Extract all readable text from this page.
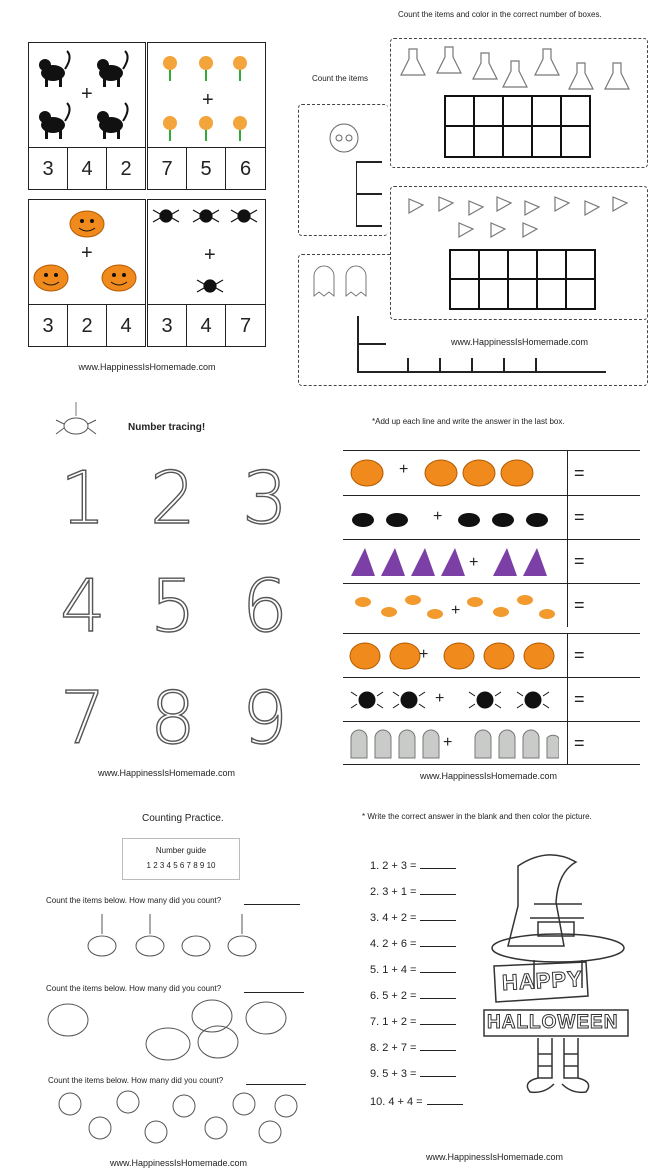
+
3	4	2
+
7	5	6
+
3	2	4
+
3	4	7
www.HappinessIsHomemade.com
Count the items and color in the correct number of boxes.
Count the items
www.HappinessIsHomemade.com
Number tracing!
1 2 3
4 5 6
7 8 9
www.HappinessIsHomemade.com
*Add up each line and write the answer in the last box.
+	=
+	=
+	=
+	=
+	=
+	=
+	=
www.HappinessIsHomemade.com
Counting Practice.
Number guide
1 2 3 4 5 6 7 8 9 10
Count the items below. How many did you count?
Count the items below. How many did you count?
Count the items below. How many did you count?
www.HappinessIsHomemade.com
* Write the correct answer in the blank and then color the picture.
1. 2 + 3 =
2. 3 + 1 =
3. 4 + 2 =
4. 2 + 6 =
5. 1 + 4 =
6. 5 + 2 =
7. 1 + 2 =
8. 2 + 7 =
9. 5 + 3 =
10. 4 + 4 =
HAPPY
HALLOWEEN
www.HappinessIsHomemade.com
